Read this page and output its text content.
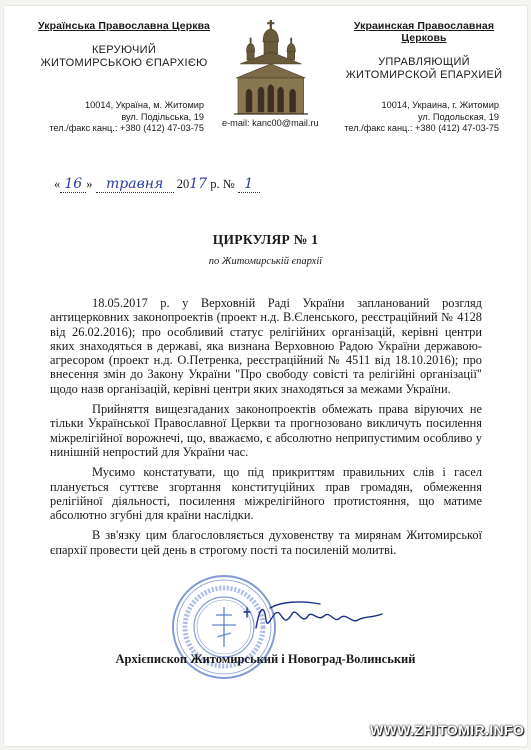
Українська Православна Церква
КЕРУЮЧИЙ
ЖИТОМИРСЬКОЮ ЄПАРХІЄЮ
10014, Україна, м. Житомир
вул. Подільська, 19
тел./факс канц.: +380 (412) 47-03-75 e-mail: kanc00@mail.ru
Украинская Православная Церковь
УПРАВЛЯЮЩИЙ
ЖИТОМИРСКОЙ ЕПАРХИЕЙ
10014, Украина, г. Житомир
ул. Подольская, 19
тел./факс канц.: +380 (412) 47-03-75
« 16 » травня 2017 р. № 1
ЦИРКУЛЯР № 1
по Житомирській єпархії

18.05.2017 р. у Верховній Раді України запланований розгляд антицерковних законопроектів (проект н.д. В.Єленського, реєстраційний № 4128 від 26.02.2016); про особливий статус релігійних організацій, керівні центри яких знаходяться в державі, яка визнана Верховною Радою України державою-агресором (проект н.д. О.Петренка, реєстраційний № 4511 від 18.10.2016); про внесення змін до Закону України "Про свободу совісті та релігійні організації" щодо назв організацій, керівні центри яких знаходяться за межами України.

Прийняття вищезгаданих законопроектів обмежать права віруючих не тільки Української Православної Церкви та прогнозовано викличуть посилення міжрелігійної ворожнечі, що, вважаємо, є абсолютно неприпустимим особливо у нинішній непростий для України час.

Мусимо констатувати, що під прикриттям правильних слів і гасел планується суттєве згортання конституційних прав громадян, обмеження релігійної діяльності, посилення міжрелігійного протистояння, що матиме абсолютно згубні для країни наслідки.

В зв'язку цим благословляється духовенству та мирянам Житомирської єпархії провести цей день в строгому пості та посиленій молитві.

Архієпископ Житомирський і Новоград-Волинський
WWW.ZHITOMIR.INFO
